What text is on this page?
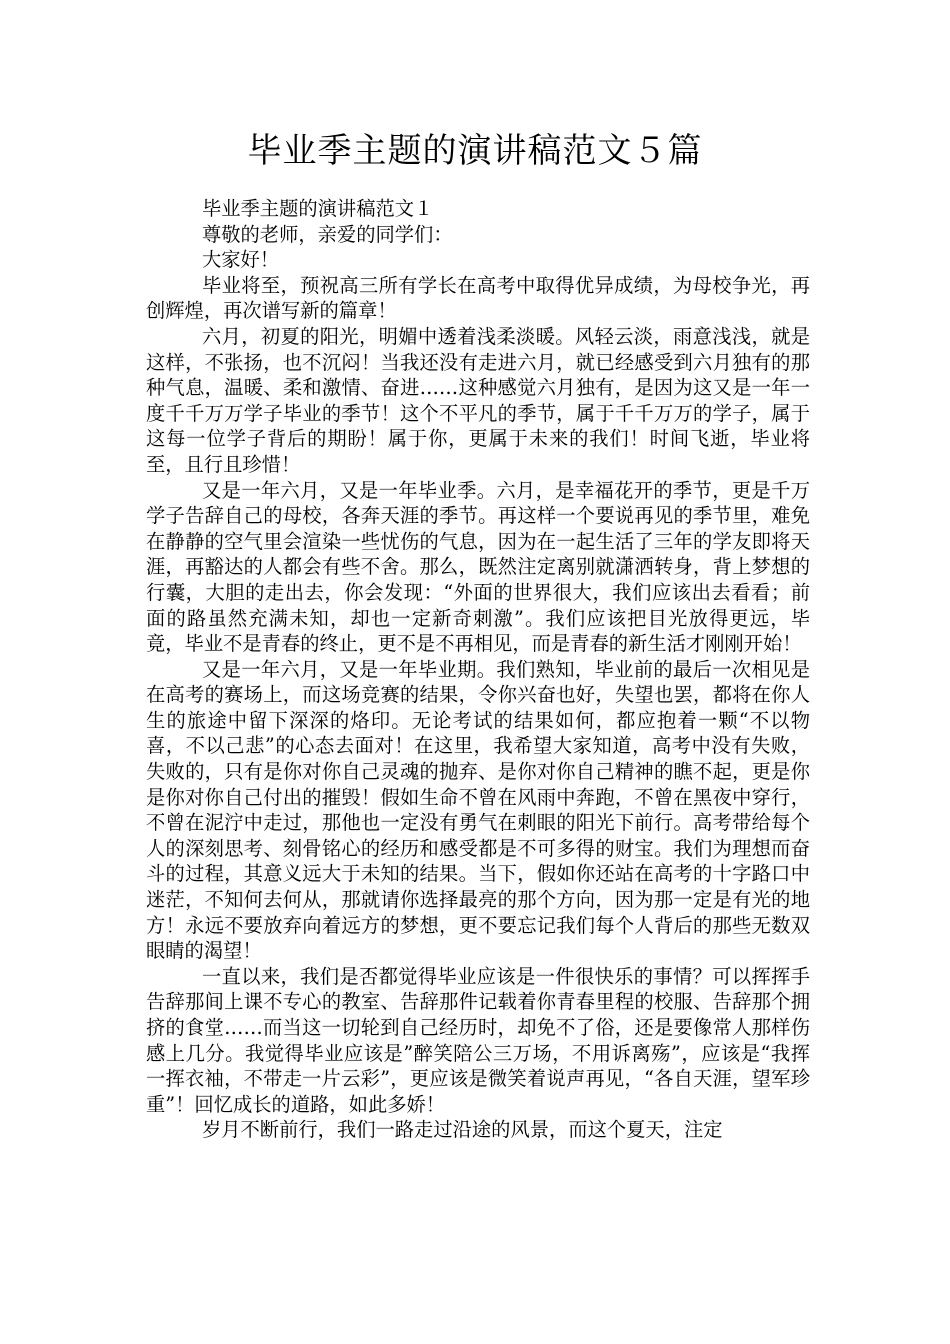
毕业季主题的演讲稿范文５篇

毕业季主题的演讲稿范文１

尊敬的老师，亲爱的同学们：

大家好！

毕业将至，预祝高三所有学长在高考中取得优异成绩，为母校争光，再创辉煌，再次谱写新的篇章！

六月，初夏的阳光，明媚中透着浅柔淡暖。风轻云淡，雨意浅浅，就是这样，不张扬，也不沉闷！当我还没有走进六月，就已经感受到六月独有的那种气息，温暖、柔和激情、奋进……这种感觉六月独有，是因为这又是一年一度千千万万学子毕业的季节！这个不平凡的季节，属于千千万万的学子，属于这每一位学子背后的期盼！属于你，更属于未来的我们！时间飞逝，毕业将至，且行且珍惜！

又是一年六月，又是一年毕业季。六月，是幸福花开的季节，更是千万学子告辞自己的母校，各奔天涯的季节。再这样一个要说再见的季节里，难免在静静的空气里会渲染一些忧伤的气息，因为在一起生活了三年的学友即将天涯，再豁达的人都会有些不舍。那么，既然注定离别就潇洒转身，背上梦想的行囊，大胆的走出去，你会发现：“外面的世界很大，我们应该出去看看；前面的路虽然充满未知，却也一定新奇刺激”。我们应该把目光放得更远，毕竟，毕业不是青春的终止，更不是不再相见，而是青春的新生活才刚刚开始！

又是一年六月，又是一年毕业期。我们熟知，毕业前的最后一次相见是在高考的赛场上，而这场竞赛的结果，令你兴奋也好，失望也罢，都将在你人生的旅途中留下深深的烙印。无论考试的结果如何，都应抱着一颗“不以物喜，不以己悲”的心态去面对！在这里，我希望大家知道，高考中没有失败，失败的，只有是你对你自己灵魂的抛弃、是你对你自己精神的瞧不起，更是你是你对你自己付出的摧毁！假如生命不曾在风雨中奔跑，不曾在黑夜中穿行，不曾在泥泞中走过，那他也一定没有勇气在刺眼的阳光下前行。高考带给每个人的深刻思考、刻骨铭心的经历和感受都是不可多得的财宝。我们为理想而奋斗的过程，其意义远大于未知的结果。当下，假如你还站在高考的十字路口中迷茫，不知何去何从，那就请你选择最亮的那个方向，因为那一定是有光的地方！永远不要放弃向着远方的梦想，更不要忘记我们每个人背后的那些无数双眼睛的渴望！

一直以来，我们是否都觉得毕业应该是一件很快乐的事情？可以挥挥手告辞那间上课不专心的教室、告辞那件记载着你青春里程的校服、告辞那个拥挤的食堂……而当这一切轮到自己经历时，却免不了俗，还是要像常人那样伤感上几分。我觉得毕业应该是”醉笑陪公三万场，不用诉离殇”，应该是“我挥一挥衣袖，不带走一片云彩”，更应该是微笑着说声再见，“各自天涯，望军珍重”！回忆成长的道路，如此多娇！

岁月不断前行，我们一路走过沿途的风景，而这个夏天，注定
